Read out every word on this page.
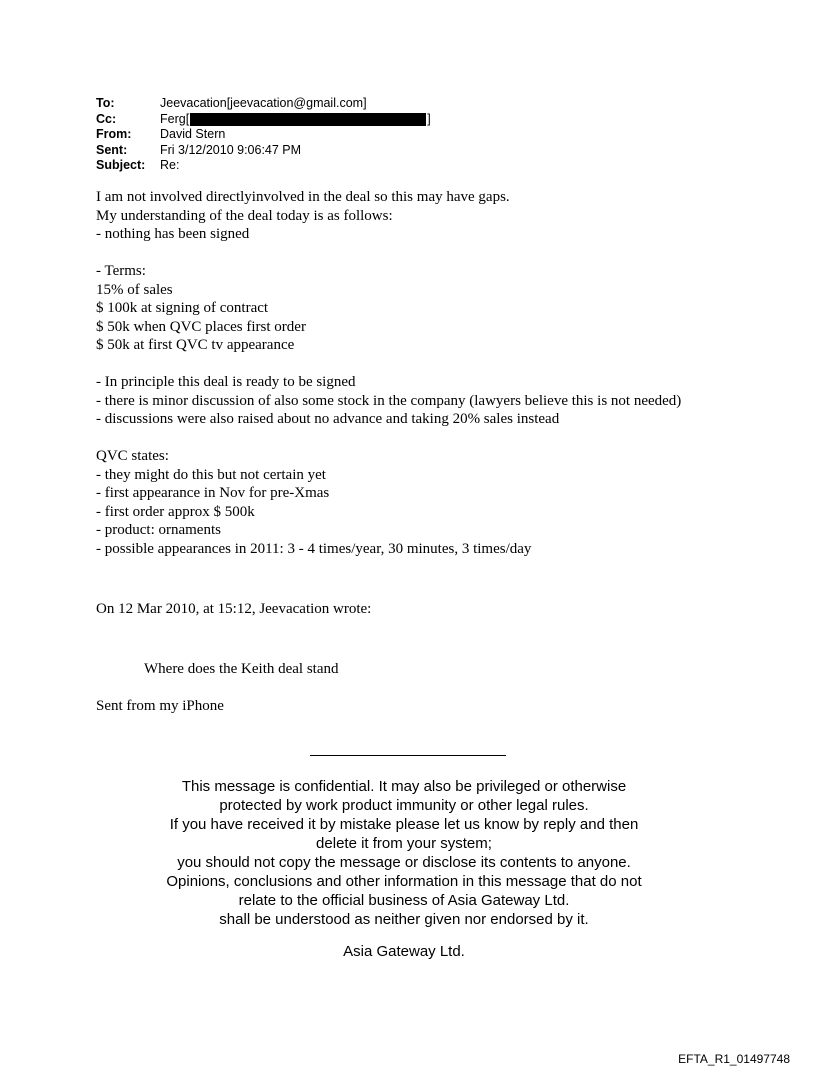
To:	Jeevacation[jeevacation@gmail.com]
Cc:	Ferg[	]
From:	David Stern
Sent:	Fri 3/12/2010 9:06:47 PM
Subject:	Re:

I am not involved directlyinvolved in the deal so this may have gaps.

My understanding of the deal today is as follows:

- nothing has been signed

- Terms:

15% of sales

$ 100k at signing of contract

$ 50k when QVC places first order

$ 50k at first QVC tv appearance

- In principle this deal is ready to be signed

- there is minor discussion of also some stock in the company (lawyers believe this is not needed)

- discussions were also raised about no advance and taking 20% sales instead

QVC states:

- they might do this but not certain yet

- first appearance in Nov for pre-Xmas

- first order approx $ 500k

- product: ornaments

- possible appearances in 2011: 3 - 4 times/year, 30 minutes, 3 times/day

On 12 Mar 2010, at 15:12, Jeevacation wrote:

Where does the Keith deal stand

Sent from my iPhone

This message is confidential. It may also be privileged or otherwise

protected by work product immunity or other legal rules.

If you have received it by mistake please let us know by reply and then

delete it from your system;

you should not copy the message or disclose its contents to anyone.

Opinions, conclusions and other information in this message that do not

relate to the official business of Asia Gateway Ltd.

shall be understood as neither given nor endorsed by it.

Asia Gateway Ltd.

EFTA_R1_01497748
